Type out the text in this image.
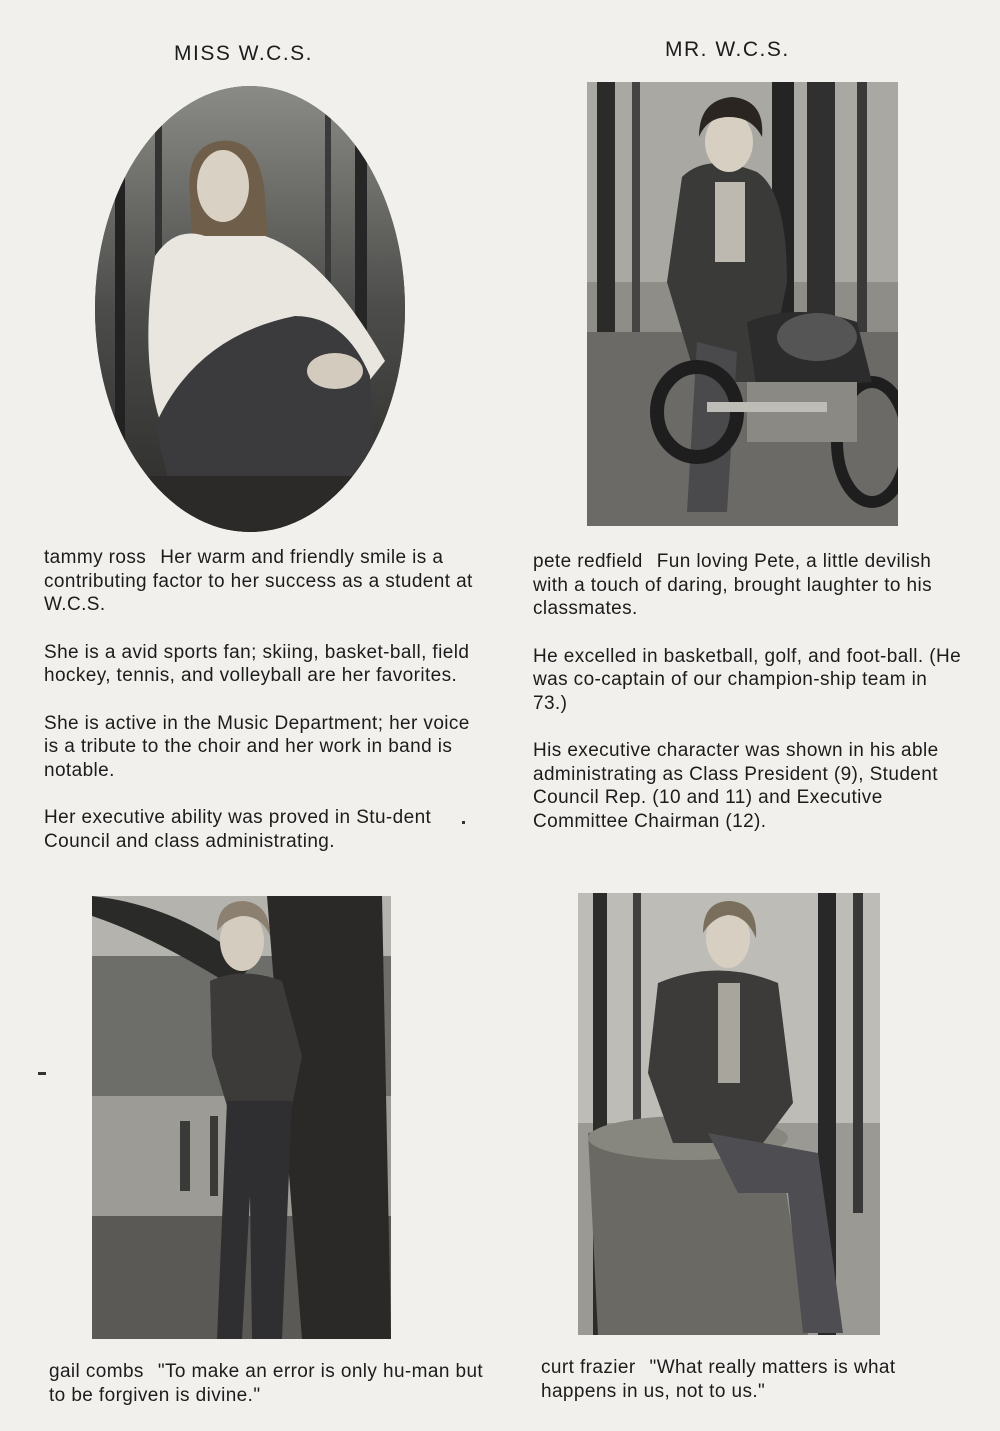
MISS W.C.S.	MR. W.C.S.

tammy ross Her warm and friendly smile is a contributing factor to her success as a student at W.C.S.

She is a avid sports fan; skiing, basket-ball, field hockey, tennis, and volleyball are her favorites.

She is active in the Music Department; her voice is a tribute to the choir and her work in band is notable.

Her executive ability was proved in Stu-dent Council and class administrating.

pete redfield Fun loving Pete, a little devilish with a touch of daring, brought laughter to his classmates.

He excelled in basketball, golf, and foot-ball. (He was co-captain of our champion-ship team in 73.)

His executive character was shown in his able administrating as Class President (9), Student Council Rep. (10 and 11) and Executive Committee Chairman (12).

gail combs "To make an error is only hu-man but to be forgiven is divine."

curt frazier "What really matters is what happens in us, not to us."
